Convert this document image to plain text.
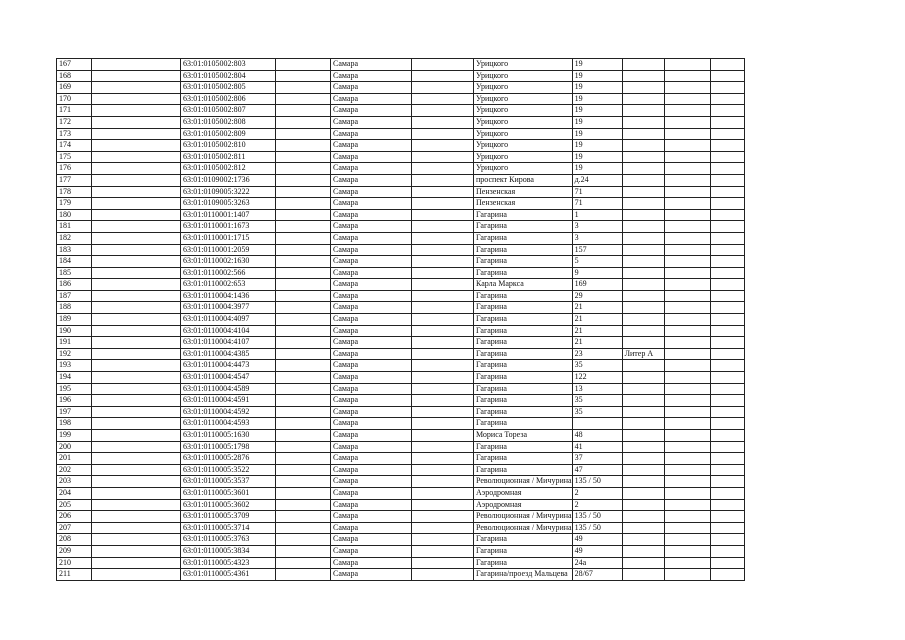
167		63:01:0105002:803		Самара		Урицкого	19			
168		63:01:0105002:804		Самара		Урицкого	19			
169		63:01:0105002:805		Самара		Урицкого	19			
170		63:01:0105002:806		Самара		Урицкого	19			
171		63:01:0105002:807		Самара		Урицкого	19			
172		63:01:0105002:808		Самара		Урицкого	19			
173		63:01:0105002:809		Самара		Урицкого	19			
174		63:01:0105002:810		Самара		Урицкого	19			
175		63:01:0105002:811		Самара		Урицкого	19			
176		63:01:0105002:812		Самара		Урицкого	19			
177		63:01:0109002:1736		Самара		проспект Кирова	д.24			
178		63:01:0109005:3222		Самара		Пензенская	71			
179		63:01:0109005:3263		Самара		Пензенская	71			
180		63:01:0110001:1407		Самара		Гагарина	1			
181		63:01:0110001:1673		Самара		Гагарина	3			
182		63:01:0110001:1715		Самара		Гагарина	3			
183		63:01:0110001:2059		Самара		Гагарина	157			
184		63:01:0110002:1630		Самара		Гагарина	5			
185		63:01:0110002:566		Самара		Гагарина	9			
186		63:01:0110002:653		Самара		Карла Маркса	169			
187		63:01:0110004:1436		Самара		Гагарина	29			
188		63:01:0110004:3977		Самара		Гагарина	21			
189		63:01:0110004:4097		Самара		Гагарина	21			
190		63:01:0110004:4104		Самара		Гагарина	21			
191		63:01:0110004:4107		Самара		Гагарина	21			
192		63:01:0110004:4385		Самара		Гагарина	23	Литер А		
193		63:01:0110004:4473		Самара		Гагарина	35			
194		63:01:0110004:4547		Самара		Гагарина	122			
195		63:01:0110004:4589		Самара		Гагарина	13			
196		63:01:0110004:4591		Самара		Гагарина	35			
197		63:01:0110004:4592		Самара		Гагарина	35			
198		63:01:0110004:4593		Самара		Гагарина				
199		63:01:0110005:1630		Самара		Мориса Тореза	48			
200		63:01:0110005:1798		Самара		Гагарина	41			
201		63:01:0110005:2876		Самара		Гагарина	37			
202		63:01:0110005:3522		Самара		Гагарина	47			
203		63:01:0110005:3537		Самара		Революционная / Мичурина	135 / 50			
204		63:01:0110005:3601		Самара		Аэродромная	2			
205		63:01:0110005:3602		Самара		Аэродромная	2			
206		63:01:0110005:3709		Самара		Революционная / Мичурина	135 / 50			
207		63:01:0110005:3714		Самара		Революционная / Мичурина	135 / 50			
208		63:01:0110005:3763		Самара		Гагарина	49			
209		63:01:0110005:3834		Самара		Гагарина	49			
210		63:01:0110005:4323		Самара		Гагарина	24а			
211		63:01:0110005:4361		Самара		Гагарина/проезд Мальцева	28/67			
